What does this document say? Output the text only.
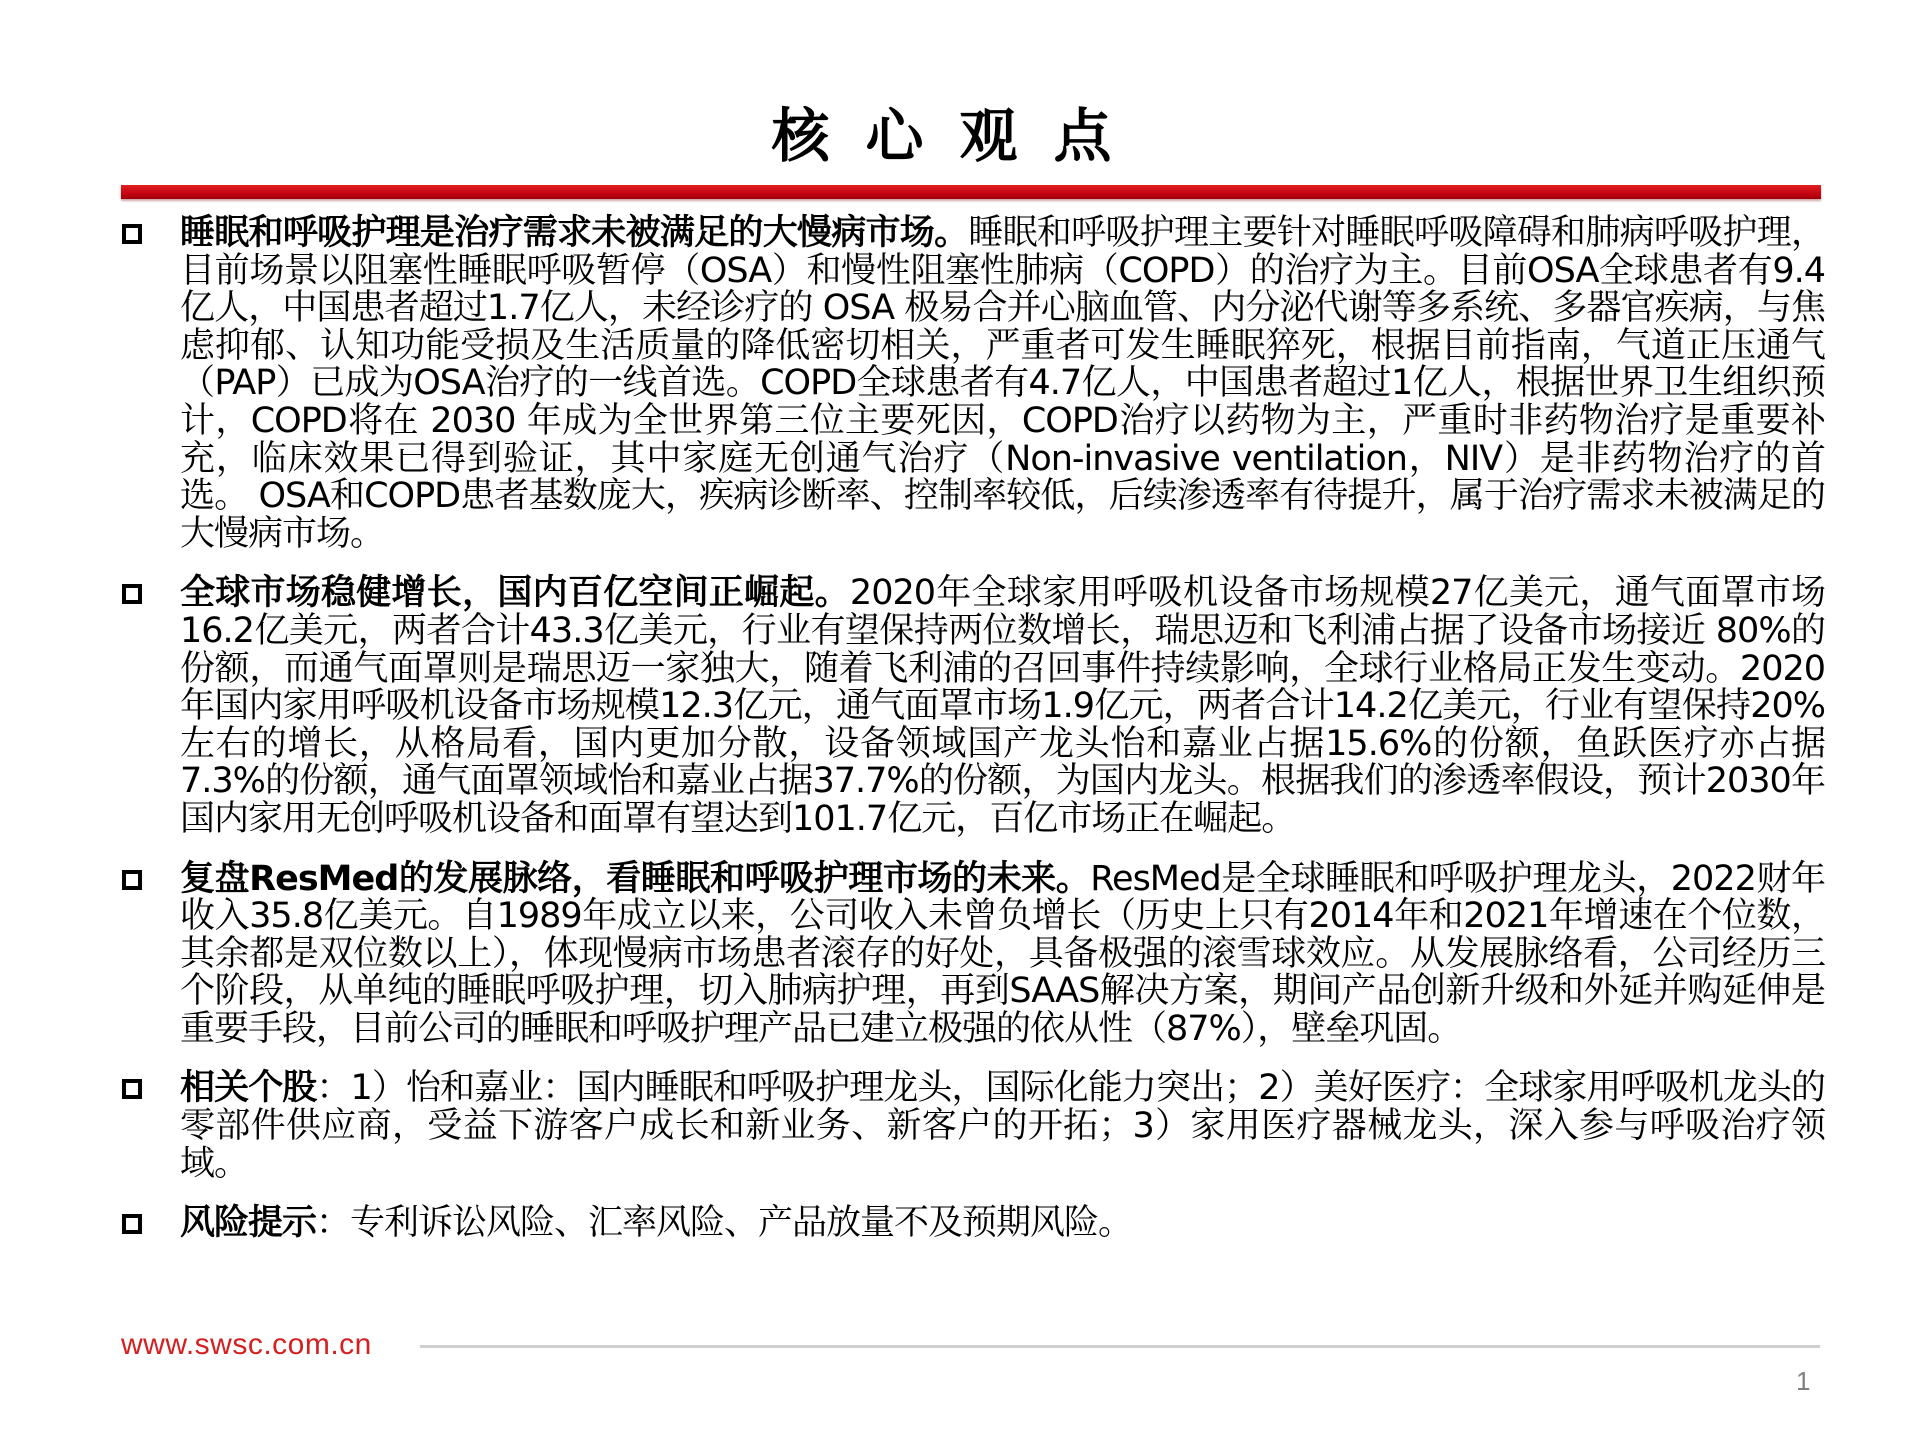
核心观点
睡眠和呼吸护理是治疗需求未被满足的大慢病市场。睡眠和呼吸护理主要针对睡眠呼吸障碍和肺病呼吸护理，目前场景以阻塞性睡眠呼吸暂停（OSA）和慢性阻塞性肺病（COPD）的治疗为主。目前OSA全球患者有9.4亿人，中国患者超过1.7亿人，未经诊疗的 OSA 极易合并心脑血管、内分泌代谢等多系统、多器官疾病，与焦虑抑郁、认知功能受损及生活质量的降低密切相关，严重者可发生睡眠猝死，根据目前指南，气道正压通气（PAP）已成为OSA治疗的一线首选。COPD全球患者有4.7亿人，中国患者超过1亿人，根据世界卫生组织预计，COPD将在 2030 年成为全世界第三位主要死因，COPD治疗以药物为主，严重时非药物治疗是重要补充，临床效果已得到验证，其中家庭无创通气治疗（Non-invasive ventilation，NIV）是非药物治疗的首选。 OSA和COPD患者基数庞大，疾病诊断率、控制率较低，后续渗透率有待提升，属于治疗需求未被满足的大慢病市场。
全球市场稳健增长，国内百亿空间正崛起。2020年全球家用呼吸机设备市场规模27亿美元，通气面罩市场16.2亿美元，两者合计43.3亿美元，行业有望保持两位数增长，瑞思迈和飞利浦占据了设备市场接近 80%的份额，而通气面罩则是瑞思迈一家独大，随着飞利浦的召回事件持续影响，全球行业格局正发生变动。2020年国内家用呼吸机设备市场规模12.3亿元，通气面罩市场1.9亿元，两者合计14.2亿美元，行业有望保持20%左右的增长，从格局看，国内更加分散，设备领域国产龙头怡和嘉业占据15.6%的份额，鱼跃医疗亦占据7.3%的份额，通气面罩领域怡和嘉业占据37.7%的份额，为国内龙头。根据我们的渗透率假设，预计2030年国内家用无创呼吸机设备和面罩有望达到101.7亿元，百亿市场正在崛起。
复盘ResMed的发展脉络，看睡眠和呼吸护理市场的未来。ResMed是全球睡眠和呼吸护理龙头，2022财年收入35.8亿美元。自1989年成立以来，公司收入未曾负增长（历史上只有2014年和2021年增速在个位数，其余都是双位数以上），体现慢病市场患者滚存的好处，具备极强的滚雪球效应。从发展脉络看，公司经历三个阶段，从单纯的睡眠呼吸护理，切入肺病护理，再到SAAS解决方案，期间产品创新升级和外延并购延伸是重要手段，目前公司的睡眠和呼吸护理产品已建立极强的依从性（87%），壁垒巩固。
相关个股：1）怡和嘉业：国内睡眠和呼吸护理龙头，国际化能力突出；2）美好医疗：全球家用呼吸机龙头的零部件供应商，受益下游客户成长和新业务、新客户的开拓；3）家用医疗器械龙头，深入参与呼吸治疗领域。
风险提示：专利诉讼风险、汇率风险、产品放量不及预期风险。
www.swsc.com.cn
1
